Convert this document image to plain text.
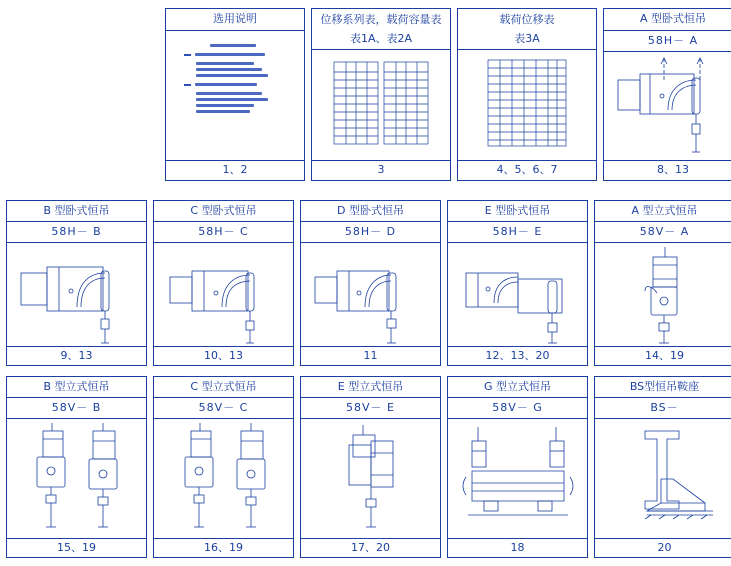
选用说明
1、2
位移系列表，载荷容量表
表1A、表2A
3
载荷位移表
表3A
4、5、6、7
A 型卧式恒吊
58H－ A
8、13
B 型卧式恒吊
58H－ B
9、13
C 型卧式恒吊
58H－ C
10、13
D 型卧式恒吊
58H－ D
11
E 型卧式恒吊
58H－ E
12、13、20
A 型立式恒吊
58V－ A
14、19
B 型立式恒吊
58V－ B
15、19
C 型立式恒吊
58V－ C
16、19
E 型立式恒吊
58V－ E
17、20
G 型立式恒吊
58V－ G
18
BS型恒吊鞍座
BS－
20
